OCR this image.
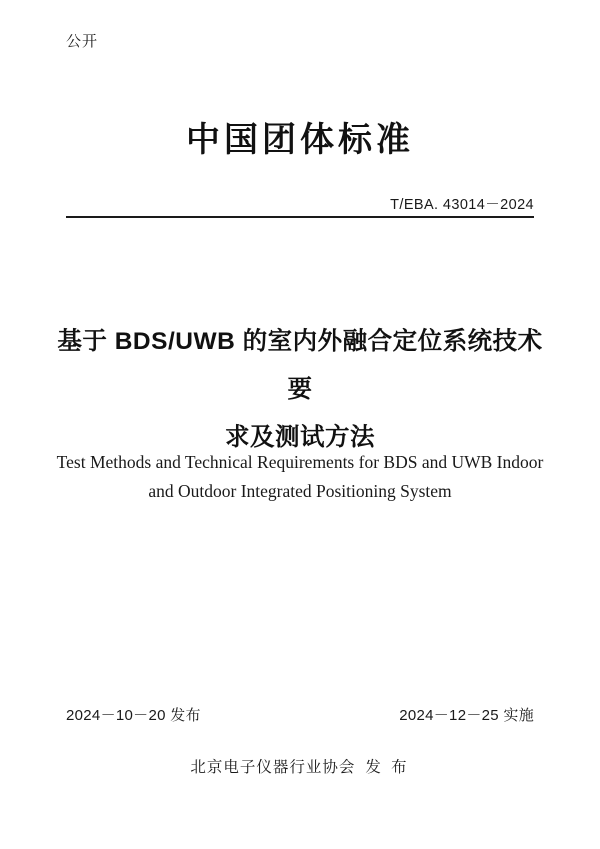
公开
中国团体标准
T/EBA. 43014－2024
基于 BDS/UWB 的室内外融合定位系统技术要
求及测试方法
Test Methods and Technical Requirements for BDS and UWB Indoor
and Outdoor Integrated Positioning System
2024－10－20 发布	2024－12－25 实施
北京电子仪器行业协会 发 布
